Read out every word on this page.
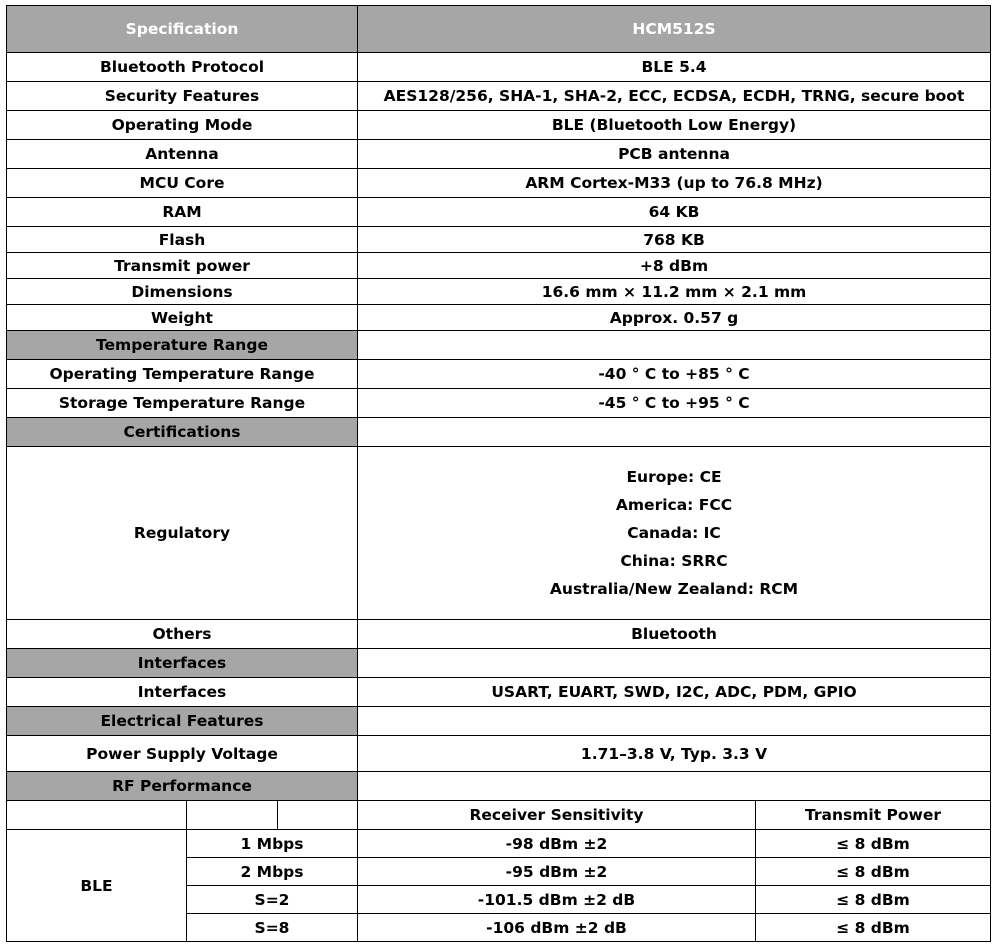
Specification			HCM512S	
Bluetooth Protocol			BLE 5.4	
Security Features			AES128/256, SHA-1, SHA-2, ECC, ECDSA, ECDH, TRNG, secure boot	
Operating Mode			BLE (Bluetooth Low Energy)	
Antenna			PCB antenna	
MCU Core			ARM Cortex-M33 (up to 76.8 MHz)	
RAM			64 KB	
Flash			768 KB	
Transmit power			+8 dBm	
Dimensions			16.6 mm × 11.2 mm × 2.1 mm	
Weight			Approx. 0.57 g	
Temperature Range				
Operating Temperature Range			-40 ° C to +85 ° C	
Storage Temperature Range			-45 ° C to +95 ° C	
Certifications				
Regulatory			Europe: CE
America: FCC
Canada: IC
China: SRRC
Australia/New Zealand: RCM	

Others			Bluetooth	
Interfaces				
Interfaces			USART, EUART, SWD, I2C, ADC, PDM, GPIO	
Electrical Features				
Power Supply Voltage			1.71–3.8 V, Typ. 3.3 V	
RF Performance				
			Receiver Sensitivity	Transmit Power
BLE	1 Mbps		-98 dBm ±2	≤ 8 dBm
	2 Mbps		-95 dBm ±2	≤ 8 dBm
	S=2		-101.5 dBm ±2 dB	≤ 8 dBm
	S=8		-106 dBm ±2 dB	≤ 8 dBm
